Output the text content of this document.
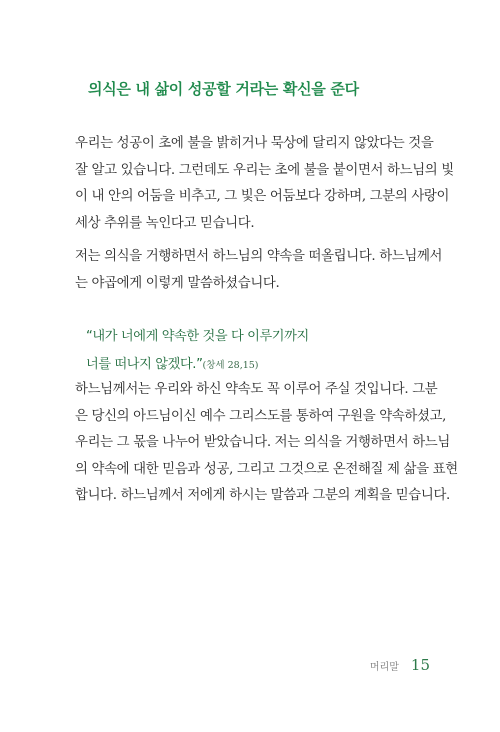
의식은 내 삶이 성공할 거라는 확신을 준다
우리는 성공이 초에 불을 밝히거나 묵상에 달리지 않았다는 것을
잘 알고 있습니다. 그런데도 우리는 초에 불을 붙이면서 하느님의 빛
이 내 안의 어둠을 비추고, 그 빛은 어둠보다 강하며, 그분의 사랑이
세상 추위를 녹인다고 믿습니다.
저는 의식을 거행하면서 하느님의 약속을 떠올립니다. 하느님께서
는 야곱에게 이렇게 말씀하셨습니다.
“내가 너에게 약속한 것을 다 이루기까지
너를 떠나지 않겠다.”(창세 28,15)
하느님께서는 우리와 하신 약속도 꼭 이루어 주실 것입니다. 그분
은 당신의 아드님이신 예수 그리스도를 통하여 구원을 약속하셨고,
우리는 그 몫을 나누어 받았습니다. 저는 의식을 거행하면서 하느님
의 약속에 대한 믿음과 성공, 그리고 그것으로 온전해질 제 삶을 표현
합니다. 하느님께서 저에게 하시는 말씀과 그분의 계획을 믿습니다.
머리말 15
